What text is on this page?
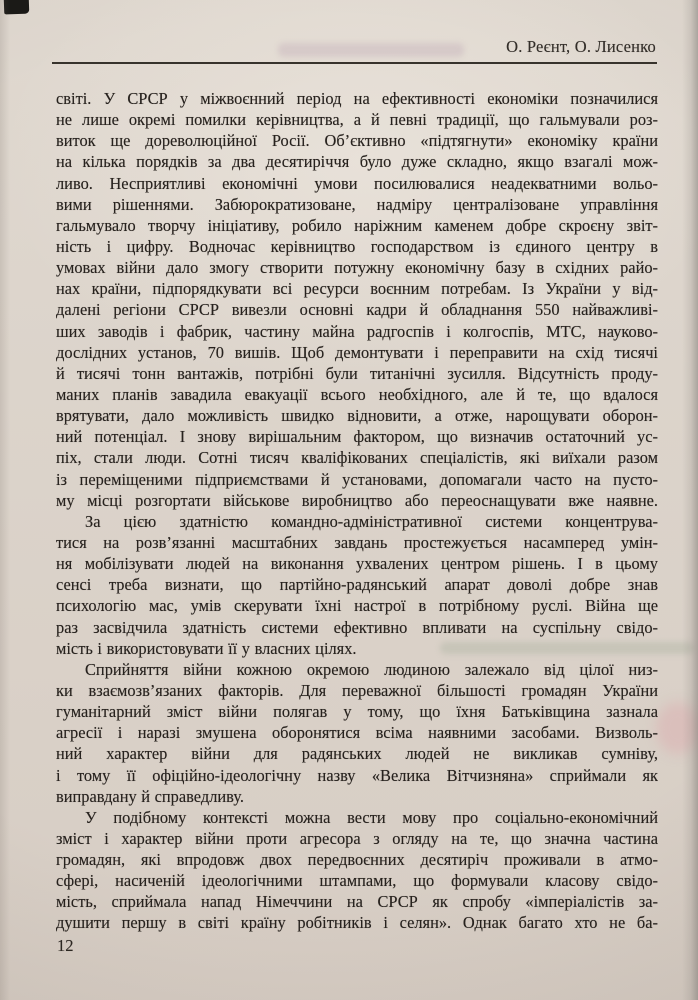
О. Реєнт, О. Лисенко
світі. У СРСР у міжвоєнний період на ефективності економіки позначилися
не лише окремі помилки керівництва, а й певні традиції, що гальмували роз-
виток ще дореволюційної Росії. Об’єктивно «підтягнути» економіку країни
на кілька порядків за два десятиріччя було дуже складно, якщо взагалі мож-
ливо. Несприятливі економічні умови посилювалися неадекватними вольо-
вими рішеннями. Забюрократизоване, надміру централізоване управління
гальмувало творчу ініціативу, робило наріжним каменем добре скроєну звіт-
ність і цифру. Водночас керівництво господарством із єдиного центру в
умовах війни дало змогу створити потужну економічну базу в східних райо-
нах країни, підпорядкувати всі ресурси воєнним потребам. Із України у від-
далені регіони СРСР вивезли основні кадри й обладнання 550 найважливі-
ших заводів і фабрик, частину майна радгоспів і колгоспів, МТС, науково-
дослідних установ, 70 вишів. Щоб демонтувати і переправити на схід тисячі
й тисячі тонн вантажів, потрібні були титанічні зусилля. Відсутність проду-
маних планів завадила евакуації всього необхідного, але й те, що вдалося
врятувати, дало можливість швидко відновити, а отже, нарощувати оборон-
ний потенціал. І знову вирішальним фактором, що визначив остаточний ус-
піх, стали люди. Сотні тисяч кваліфікованих спеціалістів, які виїхали разом
із переміщеними підприємствами й установами, допомагали часто на пусто-
му місці розгортати військове виробництво або переоснащувати вже наявне.
За цією здатністю командно-адміністративної системи концентрува-
тися на розв’язанні масштабних завдань простежується насамперед умін-
ня мобілізувати людей на виконання ухвалених центром рішень. І в цьому
сенсі треба визнати, що партійно-радянський апарат доволі добре знав
психологію мас, умів скерувати їхні настрої в потрібному руслі. Війна ще
раз засвідчила здатність системи ефективно впливати на суспільну свідо-
мість і використовувати її у власних цілях.
Сприйняття війни кожною окремою людиною залежало від цілої низ-
ки взаємозв’язаних факторів. Для переважної більшості громадян України
гуманітарний зміст війни полягав у тому, що їхня Батьківщина зазнала
агресії і наразі змушена оборонятися всіма наявними засобами. Визволь-
ний характер війни для радянських людей не викликав сумніву,
і тому її офіційно-ідеологічну назву «Велика Вітчизняна» сприймали як
виправдану й справедливу.
У подібному контексті можна вести мову про соціально-економічний
зміст і характер війни проти агресора з огляду на те, що значна частина
громадян, які впродовж двох передвоєнних десятиріч проживали в атмо-
сфері, насиченій ідеологічними штампами, що формували класову свідо-
мість, сприймала напад Німеччини на СРСР як спробу «імперіалістів за-
душити першу в світі країну робітників і селян». Однак багато хто не ба-
12
